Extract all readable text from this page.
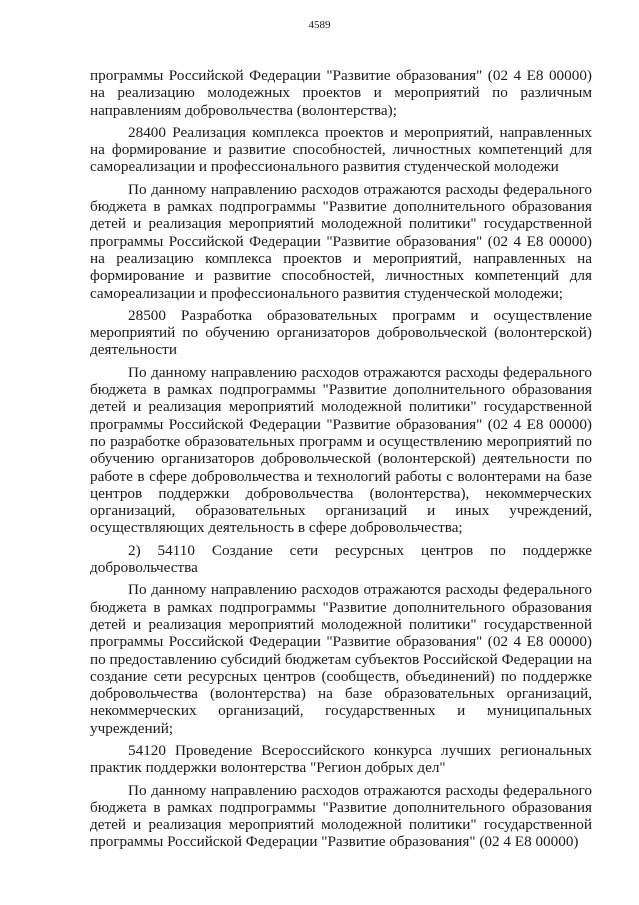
4589

программы Российской Федерации "Развитие образования" (02 4 Е8 00000) на реализацию молодежных проектов и мероприятий по различным направлениям добровольчества (волонтерства);

28400 Реализация комплекса проектов и мероприятий, направленных на формирование и развитие способностей, личностных компетенций для самореализации и профессионального развития студенческой молодежи

По данному направлению расходов отражаются расходы федерального бюджета в рамках подпрограммы "Развитие дополнительного образования детей и реализация мероприятий молодежной политики" государственной программы Российской Федерации "Развитие образования" (02 4 Е8 00000) на реализацию комплекса проектов и мероприятий, направленных на формирование и развитие способностей, личностных компетенций для самореализации и профессионального развития студенческой молодежи;

28500 Разработка образовательных программ и осуществление мероприятий по обучению организаторов добровольческой (волонтерской) деятельности

По данному направлению расходов отражаются расходы федерального бюджета в рамках подпрограммы "Развитие дополнительного образования детей и реализация мероприятий молодежной политики" государственной программы Российской Федерации "Развитие образования" (02 4 Е8 00000) по разработке образовательных программ и осуществлению мероприятий по обучению организаторов добровольческой (волонтерской) деятельности по работе в сфере добровольчества и технологий работы с волонтерами на базе центров поддержки добровольчества (волонтерства), некоммерческих организаций, образовательных организаций и иных учреждений, осуществляющих деятельность в сфере добровольчества;

2) 54110 Создание сети ресурсных центров по поддержке добровольчества

По данному направлению расходов отражаются расходы федерального бюджета в рамках подпрограммы "Развитие дополнительного образования детей и реализация мероприятий молодежной политики" государственной программы Российской Федерации "Развитие образования" (02 4 Е8 00000) по предоставлению субсидий бюджетам субъектов Российской Федерации на создание сети ресурсных центров (сообществ, объединений) по поддержке добровольчества (волонтерства) на базе образовательных организаций, некоммерческих организаций, государственных и муниципальных учреждений;

54120 Проведение Всероссийского конкурса лучших региональных практик поддержки волонтерства "Регион добрых дел"

По данному направлению расходов отражаются расходы федерального бюджета в рамках подпрограммы "Развитие дополнительного образования детей и реализация мероприятий молодежной политики" государственной программы Российской Федерации "Развитие образования" (02 4 Е8 00000)
